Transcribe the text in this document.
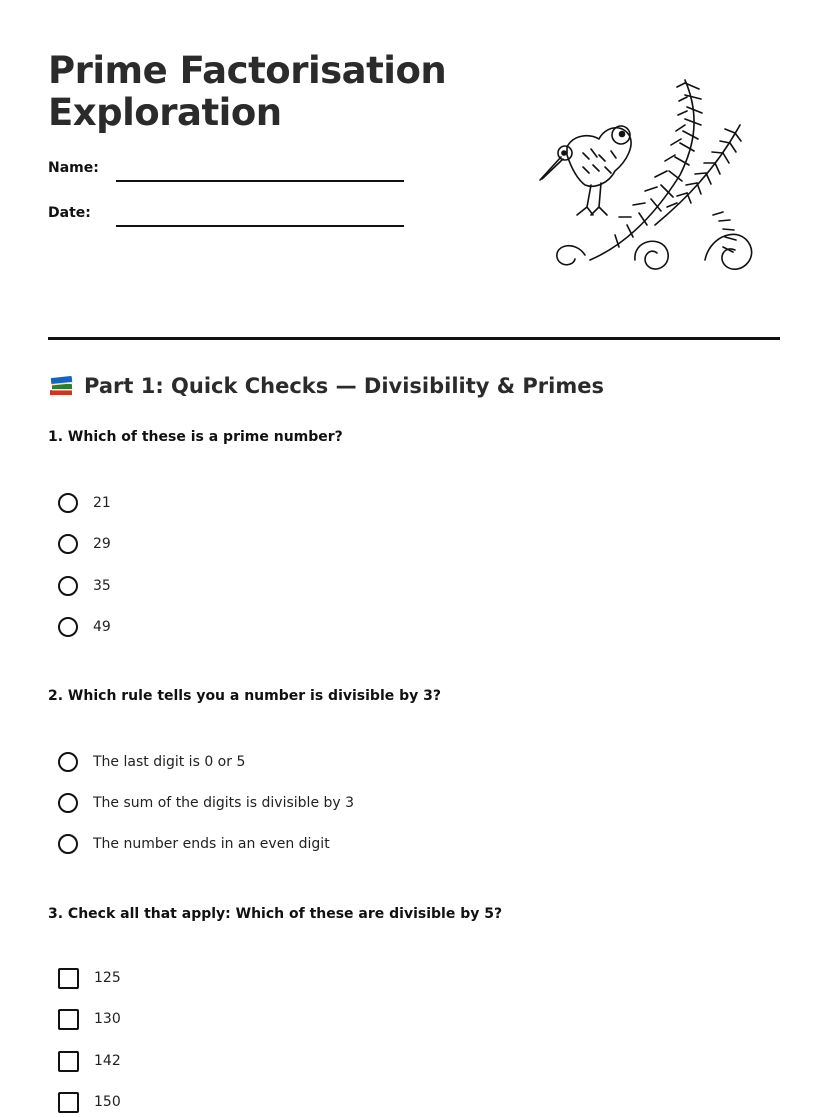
Prime Factorisation
Exploration
Name:
Date:
Part 1: Quick Checks — Divisibility & Primes
1. Which of these is a prime number?
21
29
35
49
2. Which rule tells you a number is divisible by 3?
The last digit is 0 or 5
The sum of the digits is divisible by 3
The number ends in an even digit
3. Check all that apply: Which of these are divisible by 5?
125
130
142
150
